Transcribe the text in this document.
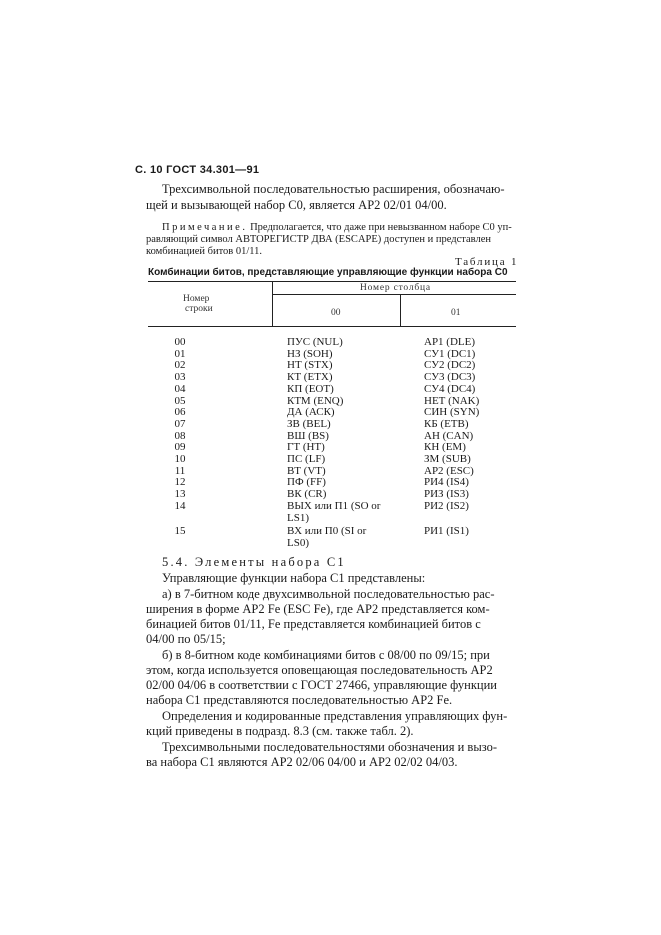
С. 10 ГОСТ 34.301—91
Трехсимвольной последовательностью расширения, обозначаю-
щей и вызывающей набор С0, является АР2 02/01 04/00.
Примечание. Предполагается, что даже при невызванном наборе С0 уп-
равляющий символ АВТОРЕГИСТР ДВА (ESCAPE) доступен и представлен
комбинацией битов 01/11.
Таблица 1
Комбинации битов, представляющие управляющие функции набора С0
Номер
строки
Номер столбца
00	01
00	ПУС (NUL)	АР1 (DLE)
01	НЗ (SOH)	СУ1 (DC1)
02	НТ (STX)	СУ2 (DC2)
03	КТ (ЕТХ)	СУ3 (DC3)
04	КП (ЕОТ)	СУ4 (DC4)
05	КТМ (ENQ)	НЕТ (NAK)
06	ДА (АСК)	СИН (SYN)
07	ЗВ (BEL)	КБ (ЕТВ)
08	ВШ (BS)	АН (CAN)
09	ГТ (НТ)	КН (ЕМ)
10	ПС (LF)	ЗМ (SUB)
11	ВТ (VT)	АР2 (ESC)
12	ПФ (FF)	РИ4 (IS4)
13	ВК (CR)	РИЗ (IS3)
14	ВЫХ или П1 (SO or	РИ2 (IS2)
LS1)
15	ВХ или П0 (SI or	РИ1 (IS1)
LS0)
5.4. Элементы набора С1
Управляющие функции набора С1 представлены:
а) в 7-битном коде двухсимвольной последовательностью рас-
ширения в форме АР2 Fe (ESC Fe), где АР2 представляется ком-
бинацией битов 01/11, Fe представляется комбинацией битов с
04/00 по 05/15;
б) в 8-битном коде комбинациями битов с 08/00 по 09/15; при
этом, когда используется оповещающая последовательность АР2
02/00 04/06 в соответствии с ГОСТ 27466, управляющие функции
набора С1 представляются последовательностью АР2 Fe.
Определения и кодированные представления управляющих фун-
кций приведены в подразд. 8.3 (см. также табл. 2).
Трехсимвольными последовательностями обозначения и вызо-
ва набора С1 являются АР2 02/06 04/00 и АР2 02/02 04/03.
